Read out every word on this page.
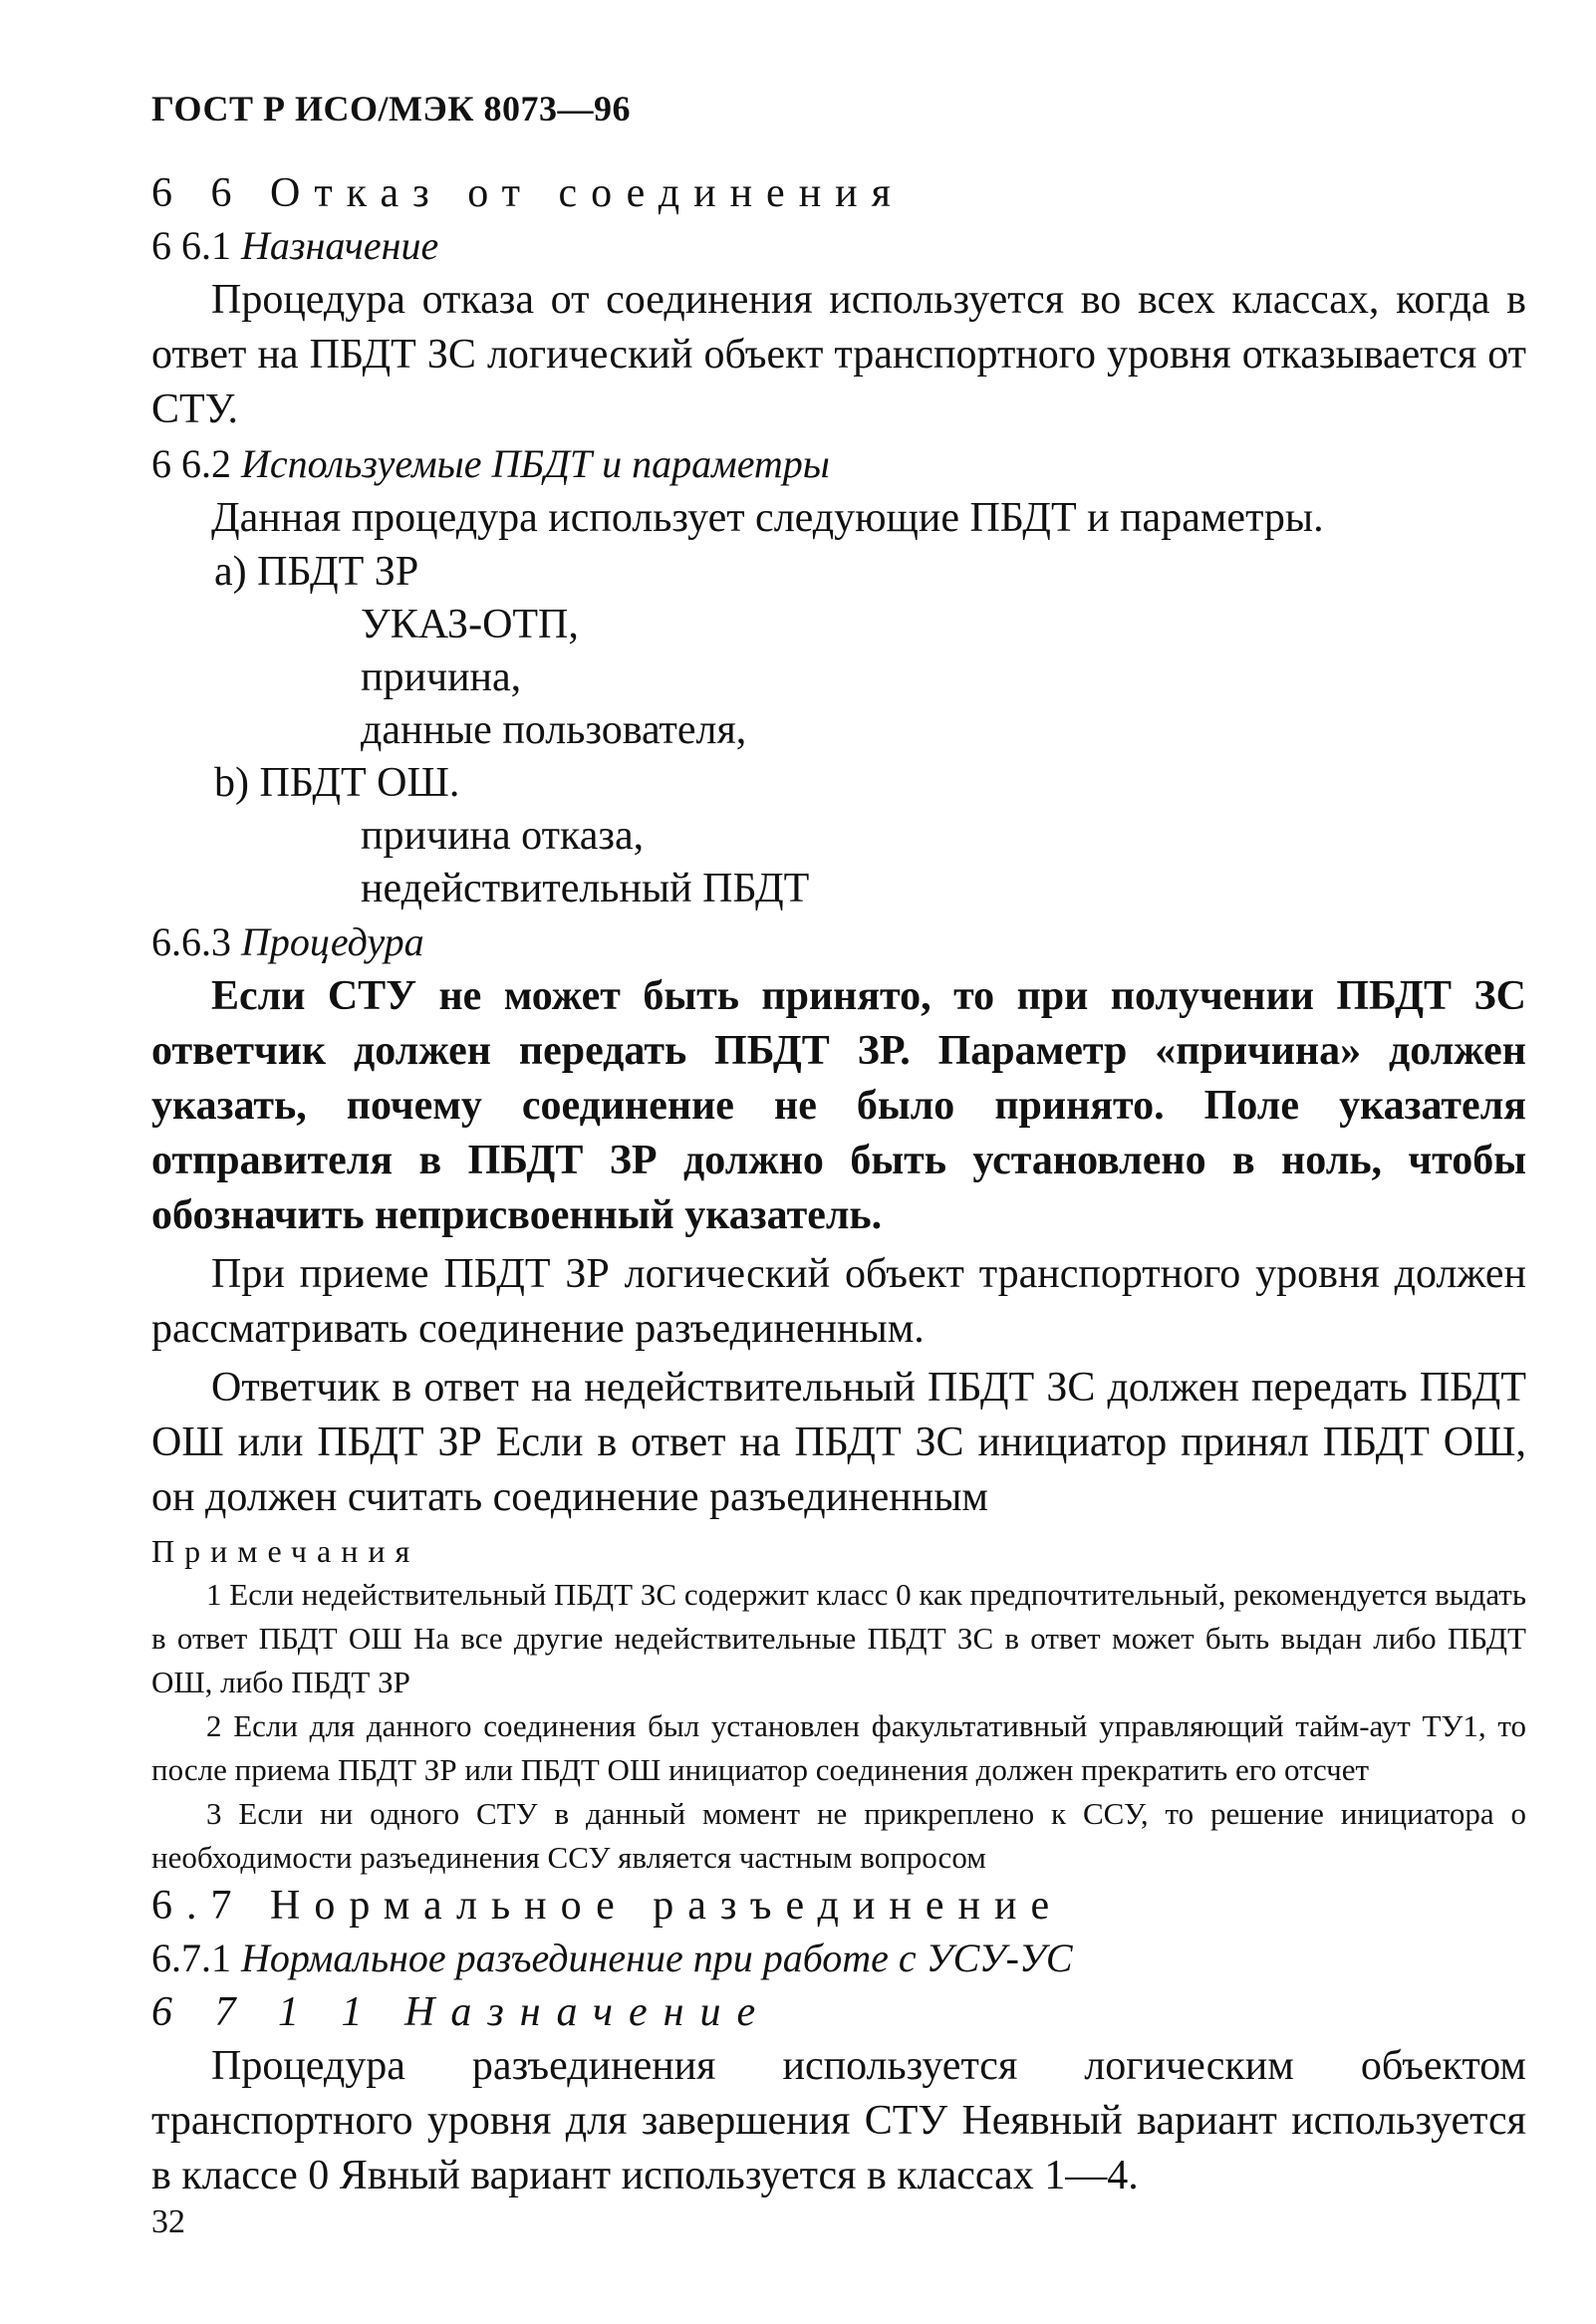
ГОСТ Р ИСО/МЭК 8073—96

6 6 Отказ от соединения

6 6.1 Назначение

Процедура отказа от соединения используется во всех классах, когда в ответ на ПБДТ ЗС логический объект транспортного уровня отказывается от СТУ.

6 6.2 Используемые ПБДТ и параметры

Данная процедура использует следующие ПБДТ и параметры.

а) ПБДТ ЗР

УКАЗ-ОТП,

причина,

данные пользователя,

b) ПБДТ ОШ.

причина отказа,

недействительный ПБДТ

6.6.3 Процедура

Если СТУ не может быть принято, то при получении ПБДТ ЗС ответчик должен передать ПБДТ ЗР. Параметр «причина» должен указать, почему соединение не было принято. Поле указателя отправителя в ПБДТ ЗР должно быть установлено в ноль, чтобы обозначить неприсвоенный указатель.

При приеме ПБДТ ЗР логический объект транспортного уровня должен рассматривать соединение разъединенным.

Ответчик в ответ на недействительный ПБДТ ЗС должен передать ПБДТ ОШ или ПБДТ ЗР Если в ответ на ПБДТ ЗС инициатор принял ПБДТ ОШ, он должен считать соединение разъединенным

Примечания

1 Если недействительный ПБДТ ЗС содержит класс 0 как предпочтительный, рекомендуется выдать в ответ ПБДТ ОШ На все другие недействительные ПБДТ ЗС в ответ может быть выдан либо ПБДТ ОШ, либо ПБДТ ЗР

2 Если для данного соединения был установлен факультативный управляющий тайм-аут ТУ1, то после приема ПБДТ ЗР или ПБДТ ОШ инициатор соединения должен прекратить его отсчет

3 Если ни одного СТУ в данный момент не прикреплено к ССУ, то решение инициатора о необходимости разъединения ССУ является частным вопросом

6.7 Нормальное разъединение

6.7.1 Нормальное разъединение при работе с УСУ-УС

6 7 1 1 Назначение

Процедура разъединения используется логическим объектом транспортного уровня для завершения СТУ Неявный вариант используется в классе 0 Явный вариант используется в классах 1—4.

32
